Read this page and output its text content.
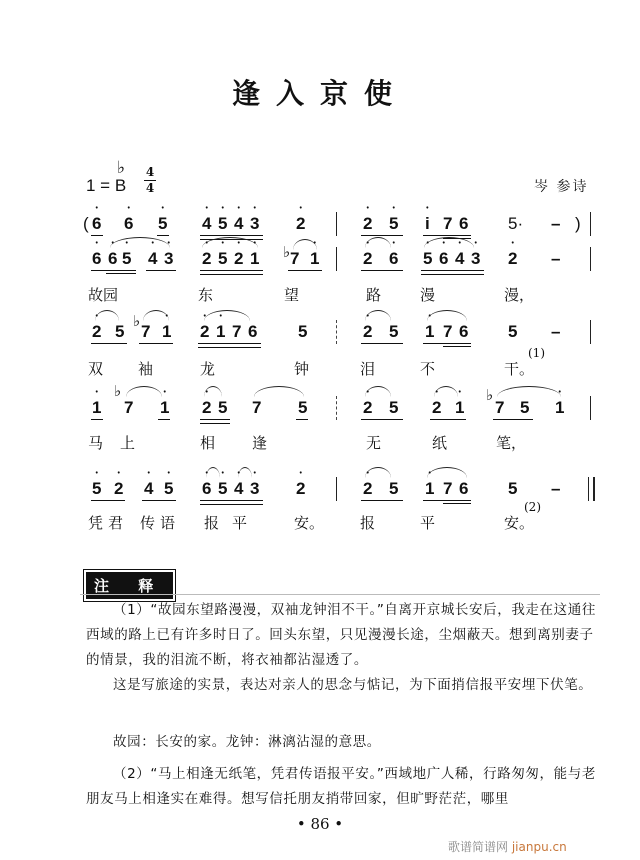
逢入京使
1 = B
♭ 4
4	岑 参诗
( • 6 • 6 • 5 • 4 • 5 • 4 • 3 • 2	• 2 • 5 • i 7 6 5· – )
• 6 • 6 • 5 • 4 • 3 • 2 • 5 • 2 • 1 ♭ 7 • 1	• 2 • 6 • 5 • 6 • 4 • 3 • 2 –
故园	东	望	路	漫	漫，
• 2 5
♭
7 • 1 • 2 • 1 7 6 5	• 2 5 • 1 7 6 5 –
双 袖	龙	钟	泪	不	干。
(1)
• 1
♭
7 • 1 • 2 5 7 5	• 2 5 • 2 • 1
♭
7 5 • 1
马 上	相 逢	无	纸	笔，
• 5 • 2 • 4 • 5 • 6 • 5 • 4 • 3 • 2	• 2 5 • 1 7 6 5 –
凭 君 传 语 报 平	安。 报	平	安。
(2)
注 释
（1）“故园东望路漫漫，双袖龙钟泪不干。”自离开京城长安后，我走在这通往西域的路上已有许多时日了。回头东望，只见漫漫长途，尘烟蔽天。想到离别妻子的情景，我的泪流不断，将衣袖都沾湿透了。
这是写旅途的实景，表达对亲人的思念与惦记，为下面捎信报平安埋下伏笔。
故园：长安的家。龙钟：淋漓沾湿的意思。
（2）“马上相逢无纸笔，凭君传语报平安。”西域地广人稀，行路匆匆，能与老朋友马上相逢实在难得。想写信托朋友捎带回家，但旷野茫茫，哪里
• 86 •
歌谱简谱网 jianpu.cn
